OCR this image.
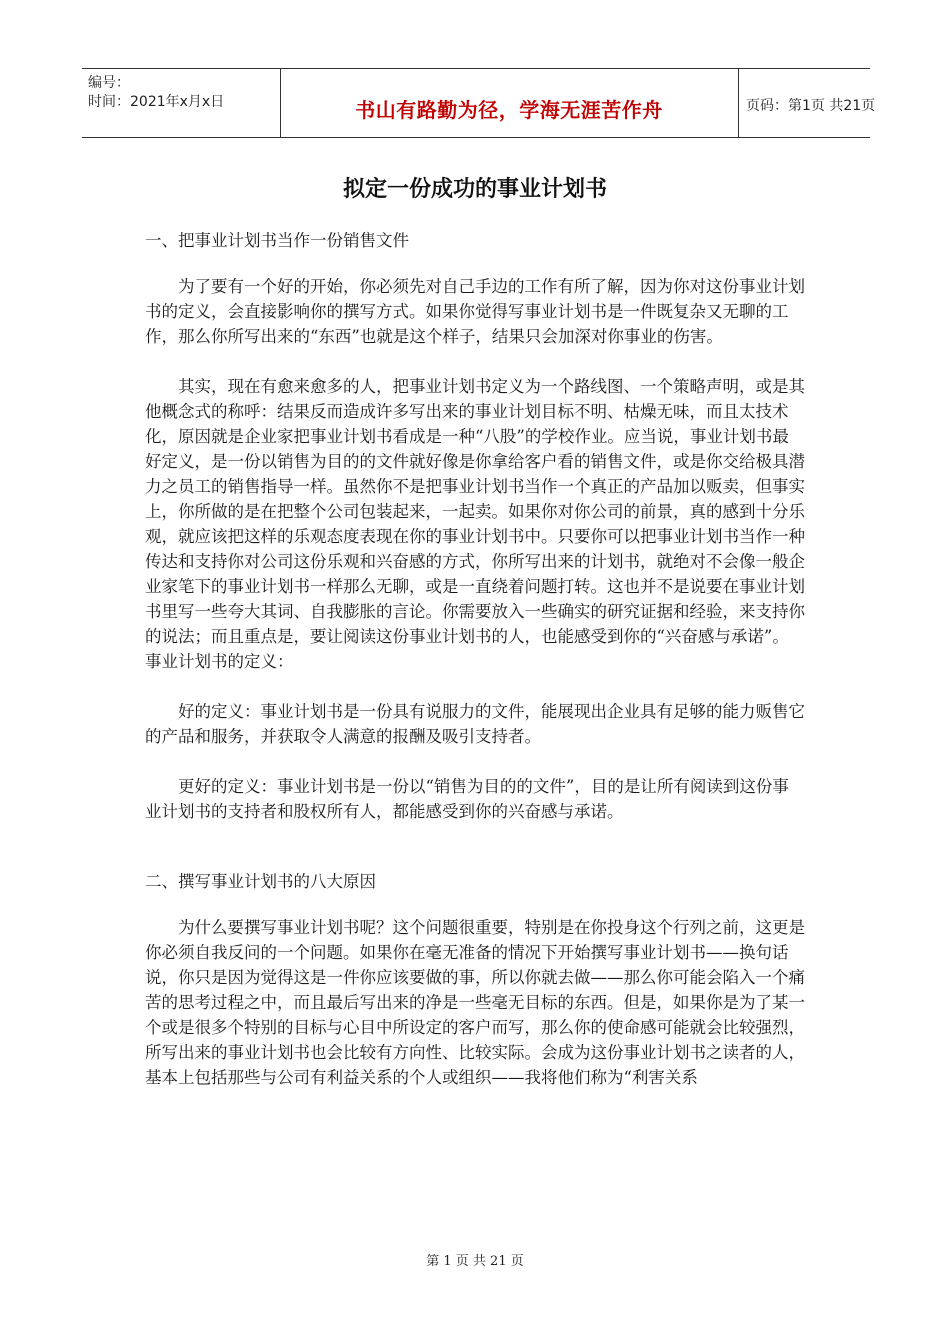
编号：
时间：2021年x月x日	书山有路勤为径，学海无涯苦作舟	页码：第1页 共21页
拟定一份成功的事业计划书

一、把事业计划书当作一份销售文件

为了要有一个好的开始，你必须先对自己手边的工作有所了解，因为你对这份事业计划书的定义，会直接影响你的撰写方式。如果你觉得写事业计划书是一件既复杂又无聊的工作，那么你所写出来的“东西”也就是这个样子，结果只会加深对你事业的伤害。

其实，现在有愈来愈多的人，把事业计划书定义为一个路线图、一个策略声明，或是其他概念式的称呼：结果反而造成许多写出来的事业计划目标不明、枯燥无味，而且太技术化，原因就是企业家把事业计划书看成是一种“八股”的学校作业。应当说，事业计划书最好定义，是一份以销售为目的的文件就好像是你拿给客户看的销售文件，或是你交给极具潜力之员工的销售指导一样。虽然你不是把事业计划书当作一个真正的产品加以贩卖，但事实上，你所做的是在把整个公司包装起来，一起卖。如果你对你公司的前景，真的感到十分乐观，就应该把这样的乐观态度表现在你的事业计划书中。只要你可以把事业计划书当作一种传达和支持你对公司这份乐观和兴奋感的方式，你所写出来的计划书，就绝对不会像一般企业家笔下的事业计划书一样那么无聊，或是一直绕着问题打转。这也并不是说要在事业计划书里写一些夸大其词、自我膨胀的言论。你需要放入一些确实的研究证据和经验，来支持你的说法；而且重点是，要让阅读这份事业计划书的人，也能感受到你的“兴奋感与承诺”。事业计划书的定义：

好的定义：事业计划书是一份具有说服力的文件，能展现出企业具有足够的能力贩售它的产品和服务，并获取令人满意的报酬及吸引支持者。

更好的定义：事业计划书是一份以“销售为目的的文件”，目的是让所有阅读到这份事业计划书的支持者和股权所有人，都能感受到你的兴奋感与承诺。

二、撰写事业计划书的八大原因

为什么要撰写事业计划书呢？这个问题很重要，特别是在你投身这个行列之前，这更是你必须自我反问的一个问题。如果你在毫无准备的情况下开始撰写事业计划书——换句话说，你只是因为觉得这是一件你应该要做的事，所以你就去做——那么你可能会陷入一个痛苦的思考过程之中，而且最后写出来的净是一些毫无目标的东西。但是，如果你是为了某一个或是很多个特别的目标与心目中所设定的客户而写，那么你的使命感可能就会比较强烈，所写出来的事业计划书也会比较有方向性、比较实际。会成为这份事业计划书之读者的人，基本上包括那些与公司有利益关系的个人或组织——我将他们称为“利害关系

第 1 页 共 21 页
